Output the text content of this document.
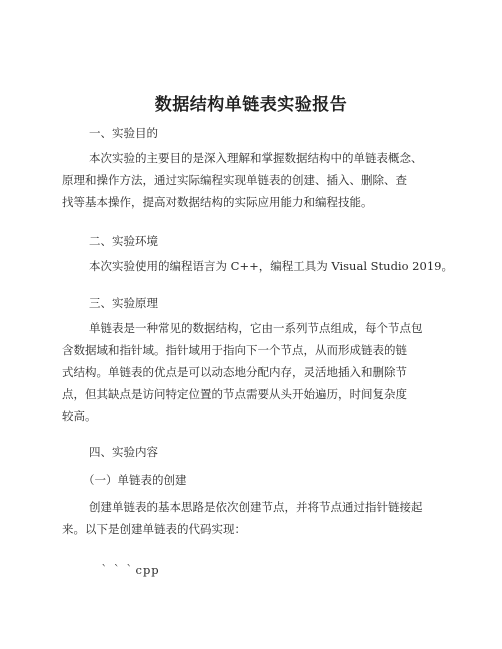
数据结构单链表实验报告
一、实验目的
本次实验的主要目的是深入理解和掌握数据结构中的单链表概念、
原理和操作方法，通过实际编程实现单链表的创建、插入、删除、查
找等基本操作，提高对数据结构的实际应用能力和编程技能。
二、实验环境
本次实验使用的编程语言为 C++，编程工具为 Visual Studio 2019。
三、实验原理
单链表是一种常见的数据结构，它由一系列节点组成，每个节点包
含数据域和指针域。指针域用于指向下一个节点，从而形成链表的链
式结构。单链表的优点是可以动态地分配内存，灵活地插入和删除节
点，但其缺点是访问特定位置的节点需要从头开始遍历，时间复杂度
较高。
四、实验内容
（一）单链表的创建
创建单链表的基本思路是依次创建节点，并将节点通过指针链接起
来。以下是创建单链表的代码实现：
｀｀｀cpp
